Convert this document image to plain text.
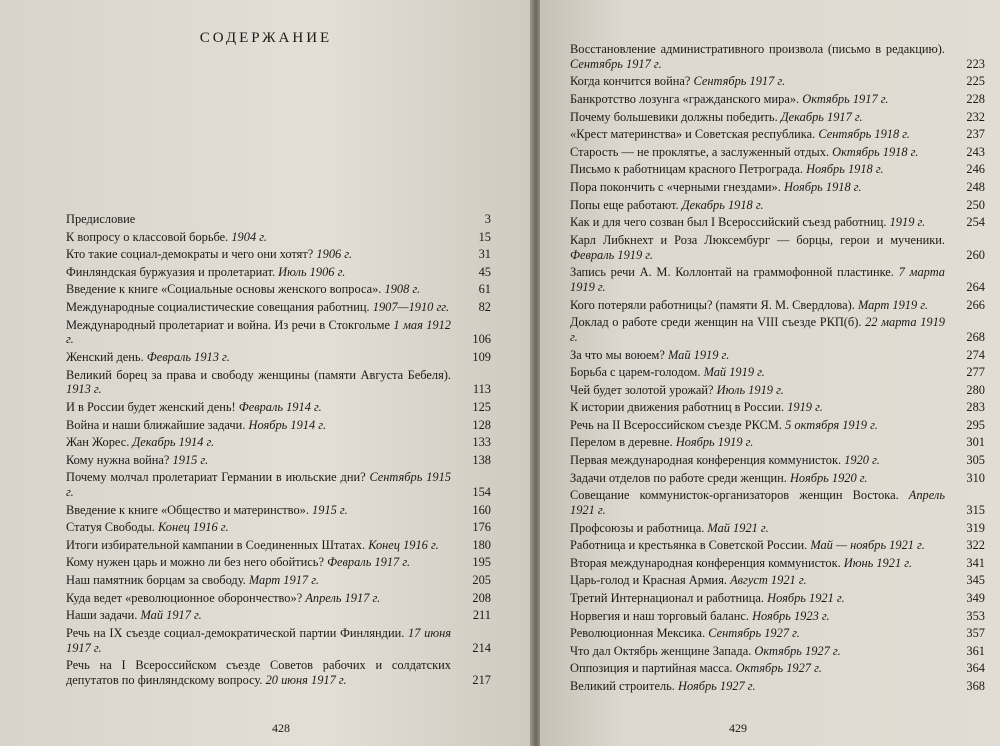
СОДЕРЖАНИЕ
Предисловие	3
К вопросу о классовой борьбе. 1904 г.	15
Кто такие социал-демократы и чего они хотят? 1906 г.	31
Финляндская буржуазия и пролетариат. Июль 1906 г.	45
Введение к книге «Социальные основы женского вопроса». 1908 г.	61
Международные социалистические совещания работниц. 1907—1910 гг.	82
Международный пролетариат и война. Из речи в Стокгольме 1 мая 1912 г.	106
Женский день. Февраль 1913 г.	109
Великий борец за права и свободу женщины (памяти Августа Бебеля). 1913 г.	113
И в России будет женский день! Февраль 1914 г.	125
Война и наши ближайшие задачи. Ноябрь 1914 г.	128
Жан Жорес. Декабрь 1914 г.	133
Кому нужна война? 1915 г.	138
Почему молчал пролетариат Германии в июльские дни? Сентябрь 1915 г.	154
Введение к книге «Общество и материнство». 1915 г.	160
Статуя Свободы. Конец 1916 г.	176
Итоги избирательной кампании в Соединенных Штатах. Конец 1916 г.	180
Кому нужен царь и можно ли без него обойтись? Февраль 1917 г.	195
Наш памятник борцам за свободу. Март 1917 г.	205
Куда ведет «революционное оборончество»? Апрель 1917 г.	208
Наши задачи. Май 1917 г.	211
Речь на IX съезде социал-демократической партии Финляндии. 17 июня 1917 г.	214
Речь на I Всероссийском съезде Советов рабочих и солдатских депутатов по финляндскому вопросу. 20 июня 1917 г.	217
428
Восстановление административного произвола (письмо в редакцию). Сентябрь 1917 г.	223
Когда кончится война? Сентябрь 1917 г.	225
Банкротство лозунга «гражданского мира». Октябрь 1917 г.	228
Почему большевики должны победить. Декабрь 1917 г.	232
«Крест материнства» и Советская республика. Сентябрь 1918 г.	237
Старость — не проклятье, а заслуженный отдых. Октябрь 1918 г.	243
Письмо к работницам красного Петрограда. Ноябрь 1918 г.	246
Пора покончить с «черными гнездами». Ноябрь 1918 г.	248
Попы еще работают. Декабрь 1918 г.	250
Как и для чего созван был I Всероссийский съезд работниц. 1919 г.	254
Карл Либкнехт и Роза Люксембург — борцы, герои и мученики. Февраль 1919 г.	260
Запись речи А. М. Коллонтай на граммофонной пластинке. 7 марта 1919 г.	264
Кого потеряли работницы? (памяти Я. М. Свердлова). Март 1919 г.	266
Доклад о работе среди женщин на VIII съезде РКП(б). 22 марта 1919 г.	268
За что мы воюем? Май 1919 г.	274
Борьба с царем-голодом. Май 1919 г.	277
Чей будет золотой урожай? Июль 1919 г.	280
К истории движения работниц в России. 1919 г.	283
Речь на II Всероссийском съезде РКСМ. 5 октября 1919 г.	295
Перелом в деревне. Ноябрь 1919 г.	301
Первая международная конференция коммунисток. 1920 г.	305
Задачи отделов по работе среди женщин. Ноябрь 1920 г.	310
Совещание коммунисток-организаторов женщин Востока. Апрель 1921 г.	315
Профсоюзы и работница. Май 1921 г.	319
Работница и крестьянка в Советской России. Май — ноябрь 1921 г.	322
Вторая международная конференция коммунисток. Июнь 1921 г.	341
Царь-голод и Красная Армия. Август 1921 г.	345
Третий Интернационал и работница. Ноябрь 1921 г.	349
Норвегия и наш торговый баланс. Ноябрь 1923 г.	353
Революционная Мексика. Сентябрь 1927 г.	357
Что дал Октябрь женщине Запада. Октябрь 1927 г.	361
Оппозиция и партийная масса. Октябрь 1927 г.	364
Великий строитель. Ноябрь 1927 г.	368
429
